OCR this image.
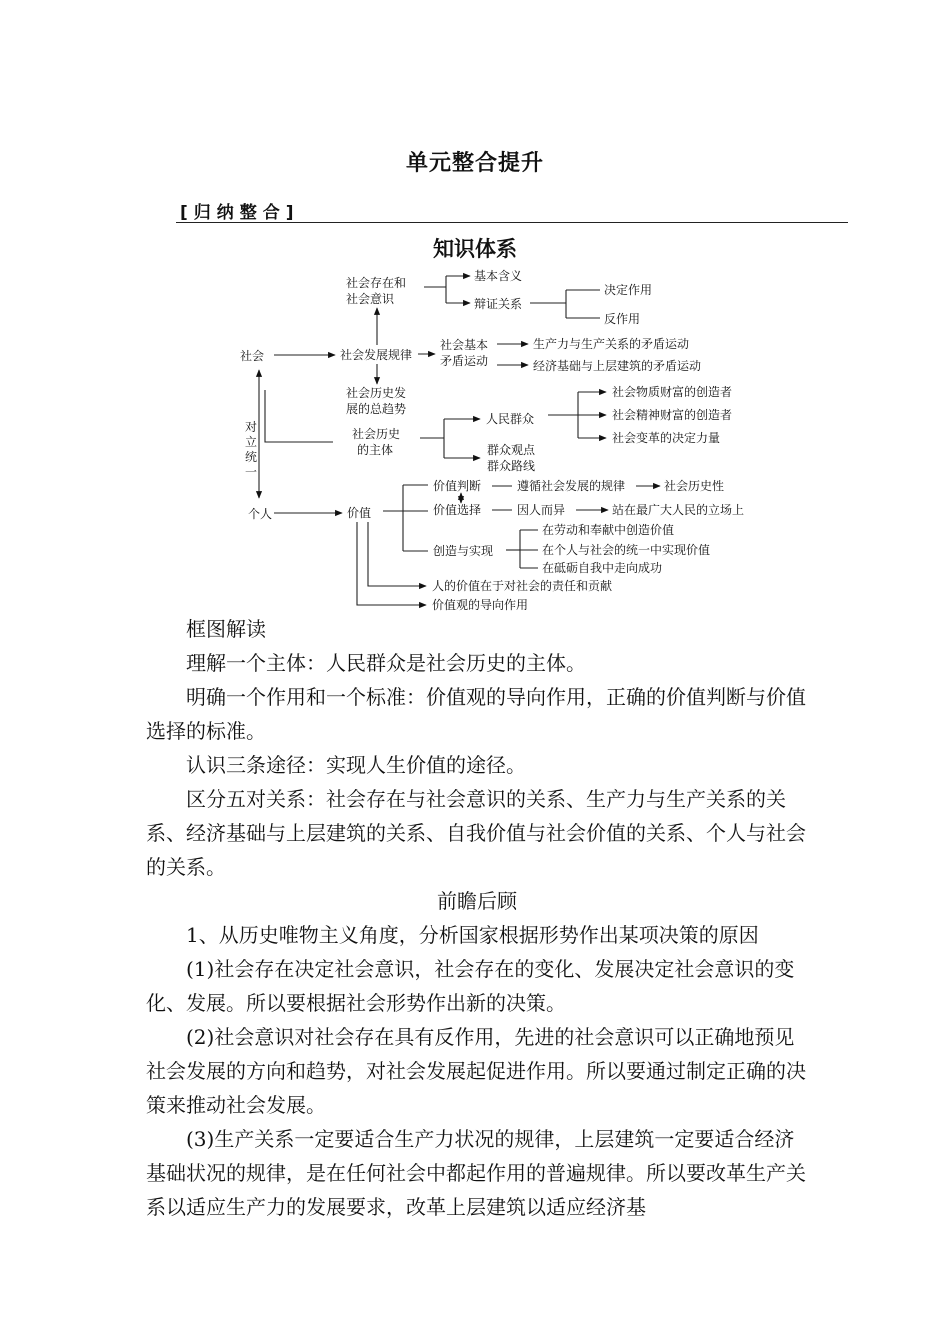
单元整合提升
[归纳整合]
知识体系
社会
个人
对
立
统
一
社会存在和
社会意识
基本含义
辩证关系
决定作用
反作用
社会发展规律
社会基本
矛盾运动
生产力与生产关系的矛盾运动
经济基础与上层建筑的矛盾运动
社会历史发
展的总趋势
社会历史
的主体
人民群众
社会物质财富的创造者
社会精神财富的创造者
社会变革的决定力量
群众观点
群众路线
价值
价值判断	遵循社会发展的规律	社会历史性
价值选择	因人而异	站在最广大人民的立场上
创造与实现
在劳动和奉献中创造价值
在个人与社会的统一中实现价值
在砥砺自我中走向成功
人的价值在于对社会的责任和贡献
价值观的导向作用
框图解读

理解一个主体：人民群众是社会历史的主体。

明确一个作用和一个标准：价值观的导向作用，正确的价值判断与价值选择的标准。

认识三条途径：实现人生价值的途径。

区分五对关系：社会存在与社会意识的关系、生产力与生产关系的关系、经济基础与上层建筑的关系、自我价值与社会价值的关系、个人与社会的关系。

前瞻后顾

1、从历史唯物主义角度，分析国家根据形势作出某项决策的原因

(1)社会存在决定社会意识，社会存在的变化、发展决定社会意识的变化、发展。所以要根据社会形势作出新的决策。

(2)社会意识对社会存在具有反作用，先进的社会意识可以正确地预见社会发展的方向和趋势，对社会发展起促进作用。所以要通过制定正确的决策来推动社会发展。

(3)生产关系一定要适合生产力状况的规律，上层建筑一定要适合经济基础状况的规律，是在任何社会中都起作用的普遍规律。所以要改革生产关系以适应生产力的发展要求，改革上层建筑以适应经济基
